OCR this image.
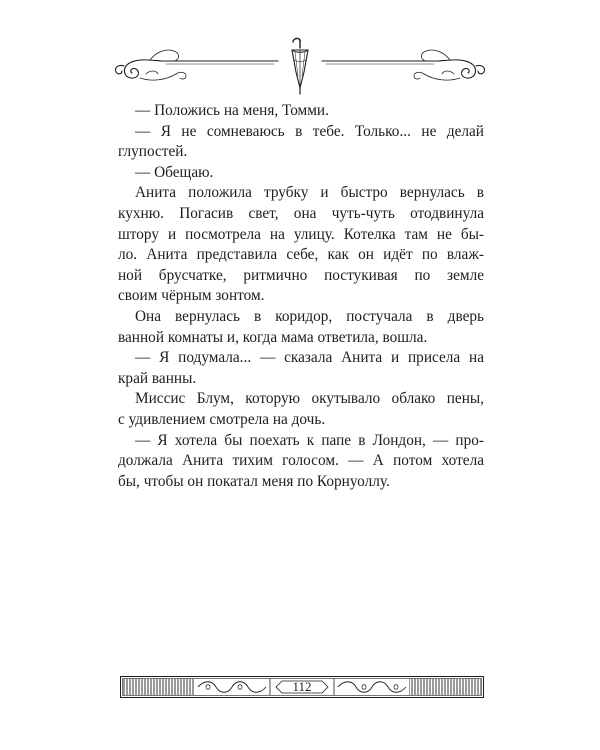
— Положись на меня, Томми.

— Я не сомневаюсь в тебе. Только... не делай
глупостей.

— Обещаю.

Анита положила трубку и быстро вернулась в
кухню. Погасив свет, она чуть-чуть отодвинула
штору и посмотрела на улицу. Котелка там не бы-
ло. Анита представила себе, как он идёт по влаж-
ной брусчатке, ритмично постукивая по земле
своим чёрным зонтом.

Она вернулась в коридор, постучала в дверь
ванной комнаты и, когда мама ответила, вошла.

— Я подумала... — сказала Анита и присела на
край ванны.

Миссис Блум, которую окутывало облако пены,
с удивлением смотрела на дочь.

— Я хотела бы поехать к папе в Лондон, — про-
должала Анита тихим голосом. — А потом хотела
бы, чтобы он покатал меня по Корнуоллу.

112
